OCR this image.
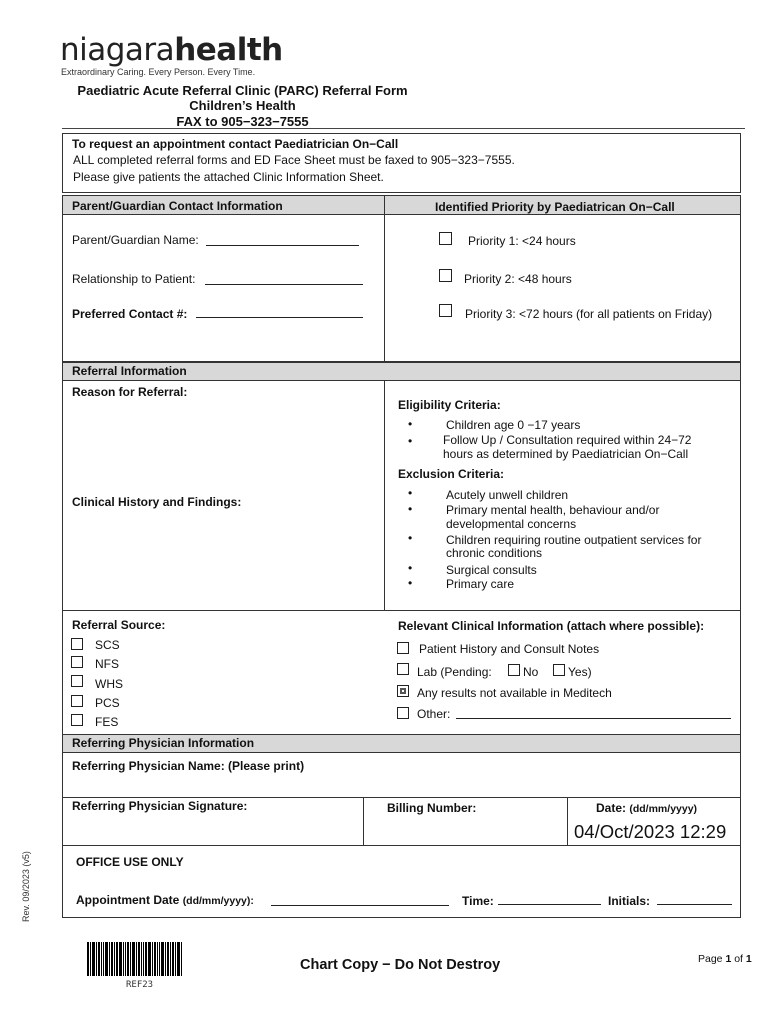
niagarahealth
Extraordinary Caring. Every Person. Every Time.
Paediatric Acute Referral Clinic (PARC) Referral Form
Children’s Health
FAX to 905−323−7555
To request an appointment contact Paediatrician On−Call
ALL completed referral forms and ED Face Sheet must be faxed to 905−323−7555.
Please give patients the attached Clinic Information Sheet.
Parent/Guardian Contact Information	Identified Priority by Paediatrican On−Call
Parent/Guardian Name:
Relationship to Patient:
Preferred Contact #:
Priority 1: <24 hours
Priority 2: <48 hours
Priority 3: <72 hours (for all patients on Friday)
Referral Information
Reason for Referral:
Clinical History and Findings:
Eligibility Criteria:
•	Children age 0 −17 years
•	Follow Up / Consultation required within 24−72
hours as determined by Paediatrician On−Call
Exclusion Criteria:
•	Acutely unwell children
•	Primary mental health, behaviour and/or
developmental concerns
•	Children requiring routine outpatient services for
chronic conditions
•	Surgical consults
•	Primary care
Referral Source:
SCS
NFS
WHS
PCS
FES
Relevant Clinical Information (attach where possible):
Patient History and Consult Notes
Lab (Pending:	No Yes)
Any results not available in Meditech
Other:
Referring Physician Information
Referring Physician Name: (Please print)
Referring Physician Signature:	Billing Number:	Date: (dd/mm/yyyy)
04/Oct/2023 12:29
OFFICE USE ONLY
Appointment Date (dd/mm/yyyy):	Time:	Initials:
Rev. 09/2023 (v5)
REF23
Chart Copy − Do Not Destroy	Page 1 of 1
